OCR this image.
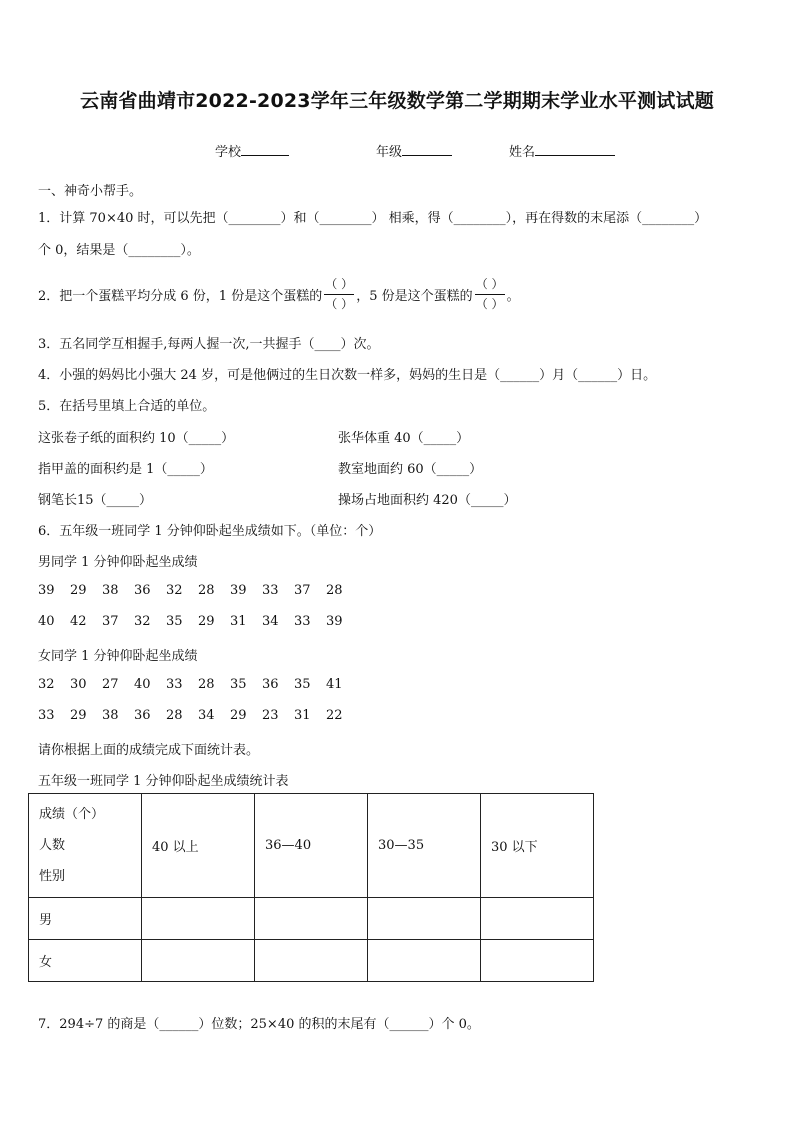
云南省曲靖市2022-2023学年三年级数学第二学期期末学业水平测试试题
学校	年级	姓名
一、神奇小帮手。
1．计算 70×40 时，可以先把（________）和（________） 相乘，得（________），再在得数的末尾添（________）
个 0，结果是（________）。
2．把一个蛋糕平均分成 6 份，1 份是这个蛋糕的 $\frac{( )}{( )}$ ，5 份是这个蛋糕的 $\frac{( )}{( )}$ 。
3．五名同学互相握手,每两人握一次,一共握手（____）次。
4．小强的妈妈比小强大 24 岁，可是他俩过的生日次数一样多，妈妈的生日是（______）月（______）日。
5．在括号里填上合适的单位。
这张卷子纸的面积约 10（_____）	张华体重 40（_____）
指甲盖的面积约是 1（_____）	教室地面约 60（_____）
钢笔长15（_____）	操场占地面积约 420（_____）
6．五年级一班同学 1 分钟仰卧起坐成绩如下。（单位：个）
男同学 1 分钟仰卧起坐成绩
39 29 38 36 32 28 39 33 37 28
40 42 37 32 35 29 31 34 33 39
女同学 1 分钟仰卧起坐成绩
32 30 27 40 33 28 35 36 35 41
33 29 38 36 28 34 29 23 31 22
请你根据上面的成绩完成下面统计表。
五年级一班同学 1 分钟仰卧起坐成绩统计表
成绩（个）
人数
性别	40 以上	36—40	30—35	30 以下
男				
女				
7．294÷7 的商是（______）位数；25×40 的积的末尾有（______）个 0。
